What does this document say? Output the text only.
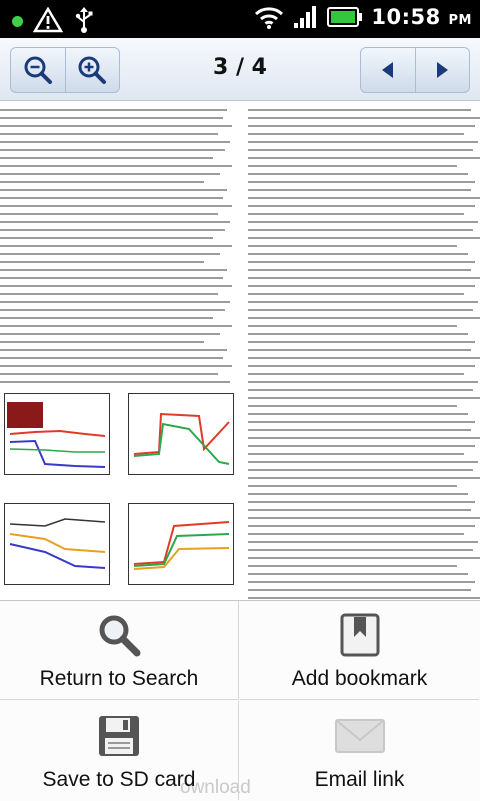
10:58 PM
3 / 4
ownload
Return to Search	Add bookmark
Save to SD card	Email link
